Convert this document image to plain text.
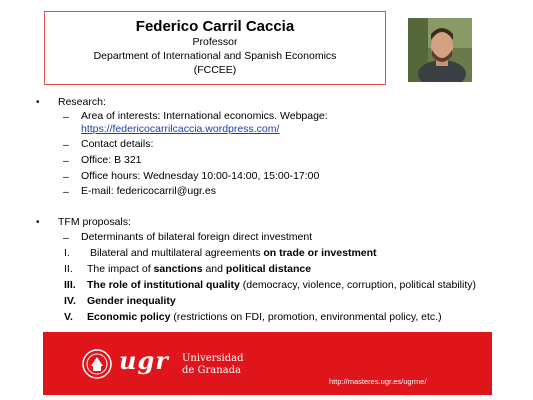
Federico Carril Caccia
Professor
Department of International and Spanish Economics
(FCCEE)
• Research:
– Area of interests: International economics. Webpage:
https://federicocarrilcaccia.wordpress.com/
– Contact details:
– Office: B 321
– Office hours: Wednesday 10:00-14:00, 15:00-17:00
– E-mail: federicocarril@ugr.es
• TFM proposals:
– Determinants of bilateral foreign direct investment
I. Bilateral and multilateral agreements on trade or investment
II. The impact of sanctions and political distance
III. The role of institutional quality (democracy, violence, corruption, political stability)
IV. Gender inequality
V. Economic policy (restrictions on FDI, promotion, environmental policy, etc.)
ugr Universidad
de Granada
http://masteres.ugr.es/ugrme/
